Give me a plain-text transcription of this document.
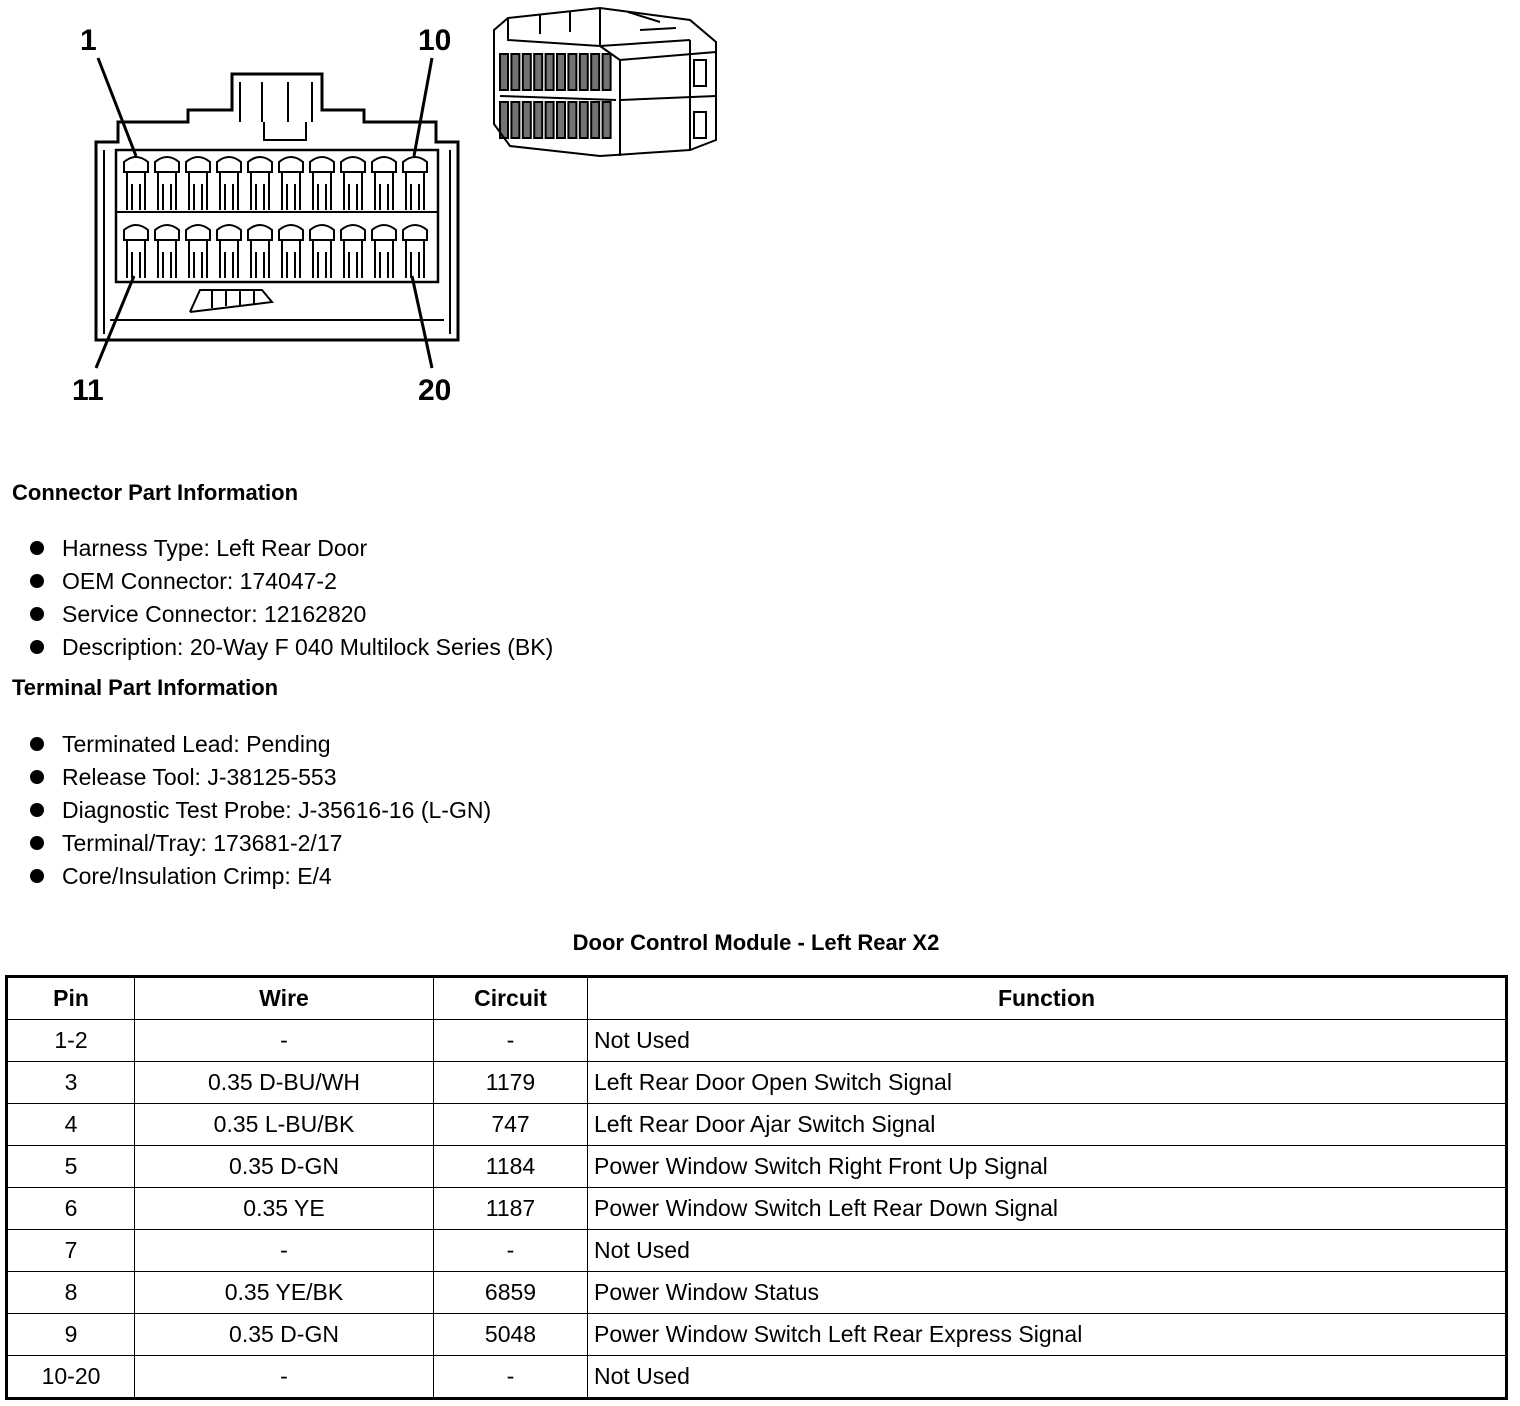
1	10
11	20
Connector Part Information
Harness Type: Left Rear Door
OEM Connector: 174047-2
Service Connector: 12162820
Description: 20-Way F 040 Multilock Series (BK)
Terminal Part Information
Terminated Lead: Pending
Release Tool: J-38125-553
Diagnostic Test Probe: J-35616-16 (L-GN)
Terminal/Tray: 173681-2/17
Core/Insulation Crimp: E/4
Door Control Module - Left Rear X2
Pin	Wire	Circuit	Function
1-2	-	-	Not Used
3	0.35 D-BU/WH	1179	Left Rear Door Open Switch Signal
4	0.35 L-BU/BK	747	Left Rear Door Ajar Switch Signal
5	0.35 D-GN	1184	Power Window Switch Right Front Up Signal
6	0.35 YE	1187	Power Window Switch Left Rear Down Signal
7	-	-	Not Used
8	0.35 YE/BK	6859	Power Window Status
9	0.35 D-GN	5048	Power Window Switch Left Rear Express Signal
10-20	-	-	Not Used
